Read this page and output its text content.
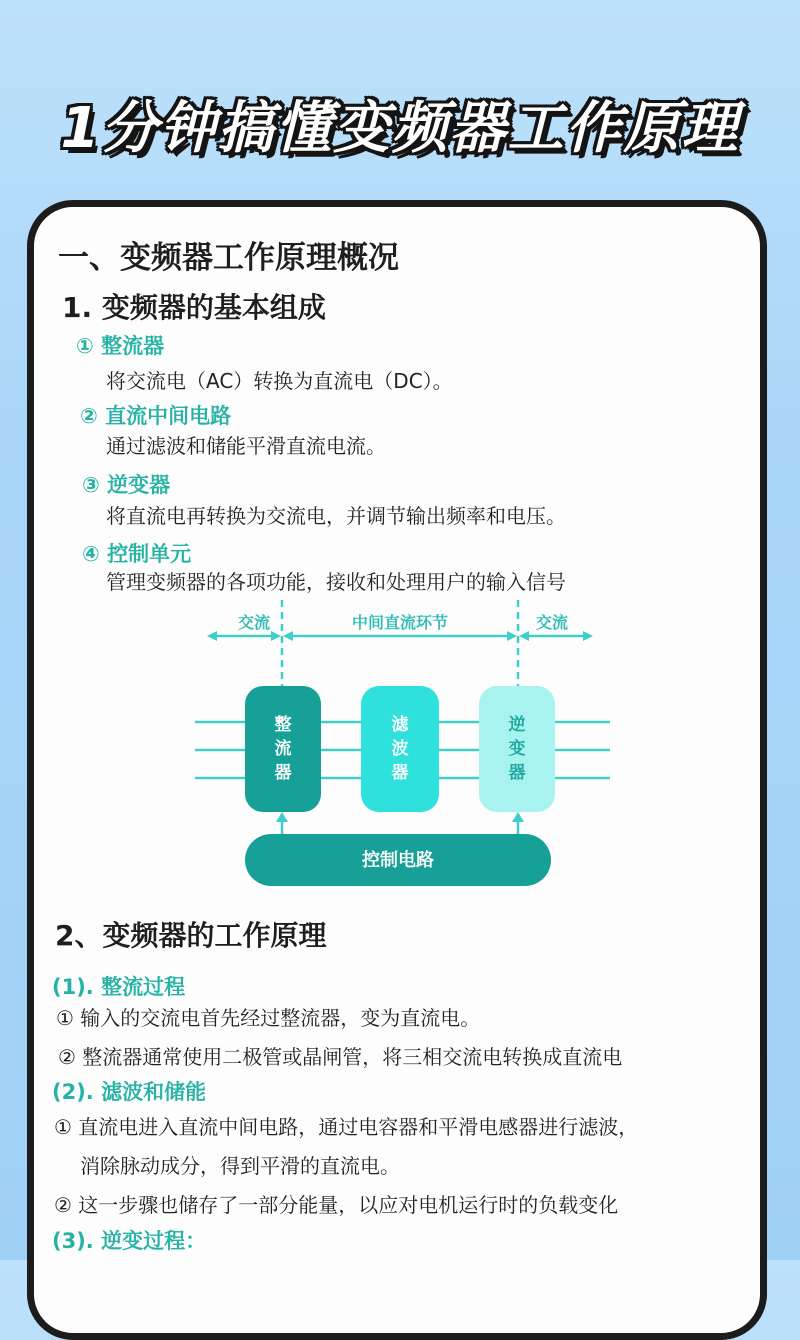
1分钟搞懂变频器工作原理
一、变频器工作原理概况
1. 变频器的基本组成
① 整流器
将交流电（AC）转换为直流电（DC）。
② 直流中间电路
通过滤波和储能平滑直流电流。
③ 逆变器
将直流电再转换为交流电，并调节输出频率和电压。
④ 控制单元
管理变频器的各项功能，接收和处理用户的输入信号
交流	中间直流环节	交流
整
流
器
滤
波
器
逆
变
器
控制电路
2、变频器的工作原理
(1). 整流过程
① 输入的交流电首先经过整流器，变为直流电。
② 整流器通常使用二极管或晶闸管，将三相交流电转换成直流电
(2). 滤波和储能
① 直流电进入直流中间电路，通过电容器和平滑电感器进行滤波，
消除脉动成分，得到平滑的直流电。
② 这一步骤也储存了一部分能量，以应对电机运行时的负载变化
(3). 逆变过程：
